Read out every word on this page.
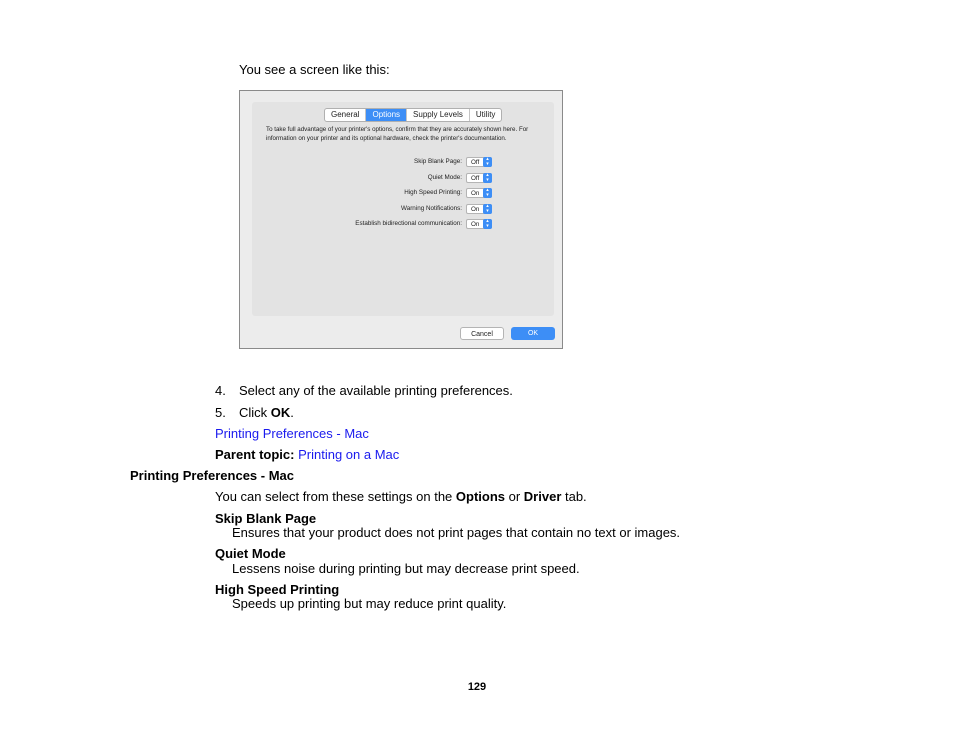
You see a screen like this:
General	Options	Supply Levels	Utility
To take full advantage of your printer's options, confirm that they are accurately shown here. For information on your printer and its optional hardware, check the printer's documentation.
Skip Blank Page: Off	▴
▾
Quiet Mode: Off	▴
▾
High Speed Printing: On	▴
▾
Warning Notifications: On	▴
▾
Establish bidirectional communication: On	▴
▾
Cancel	OK
4. Select any of the available printing preferences.
5. Click OK.
Printing Preferences - Mac
Parent topic: Printing on a Mac
Printing Preferences - Mac
You can select from these settings on the Options or Driver tab.
Skip Blank Page
Ensures that your product does not print pages that contain no text or images.
Quiet Mode
Lessens noise during printing but may decrease print speed.
High Speed Printing
Speeds up printing but may reduce print quality.
129
